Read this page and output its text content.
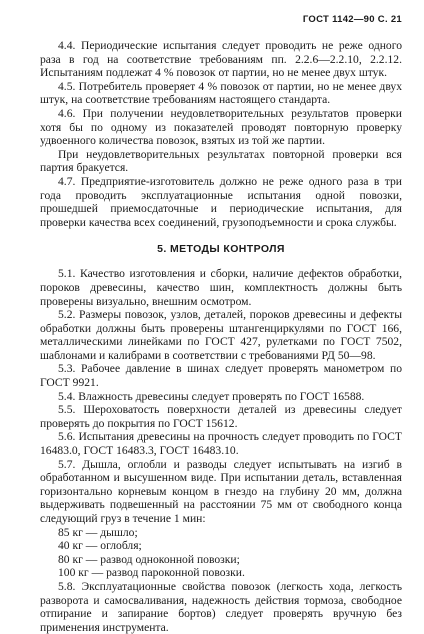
ГОСТ 1142—90 С. 21

4.4. Периодические испытания следует проводить не реже одного раза в год на соответствие требованиям пп. 2.2.6—2.2.10, 2.2.12. Испытаниям подлежат 4 % повозок от партии, но не менее двух штук.

4.5. Потребитель проверяет 4 % повозок от партии, но не менее двух штук, на соответствие требованиям настоящего стандарта.

4.6. При получении неудовлетворительных результатов проверки хотя бы по одному из показателей проводят повторную проверку удвоенного количества повозок, взятых из той же партии.

При неудовлетворительных результатах повторной проверки вся партия бракуется.

4.7. Предприятие-изготовитель должно не реже одного раза в три года проводить эксплуатационные испытания одной повозки, прошедшей приемосдаточные и периодические испытания, для проверки качества всех соединений, грузоподъемности и срока службы.

5. МЕТОДЫ КОНТРОЛЯ

5.1. Качество изготовления и сборки, наличие дефектов обработки, пороков древесины, качество шин, комплектность должны быть проверены визуально, внешним осмотром.

5.2. Размеры повозок, узлов, деталей, пороков древесины и дефекты обработки должны быть проверены штангенциркулями по ГОСТ 166, металлическими линейками по ГОСТ 427, рулетками по ГОСТ 7502, шаблонами и калибрами в соответствии с требованиями РД 50—98.

5.3. Рабочее давление в шинах следует проверять манометром по ГОСТ 9921.

5.4. Влажность древесины следует проверять по ГОСТ 16588.

5.5. Шероховатость поверхности деталей из древесины следует проверять до покрытия по ГОСТ 15612.

5.6. Испытания древесины на прочность следует проводить по ГОСТ 16483.0, ГОСТ 16483.3, ГОСТ 16483.10.

5.7. Дышла, оглобли и разводы следует испытывать на изгиб в обработанном и высушенном виде. При испытании деталь, вставленная горизонтально корневым концом в гнездо на глубину 20 мм, должна выдерживать подвешенный на расстоянии 75 мм от свободного конца следующий груз в течение 1 мин:

85 кг — дышло;
40 кг — оглобля;
80 кг — развод одноконной повозки;
100 кг — развод пароконной повозки.

5.8. Эксплуатационные свойства повозок (легкость хода, легкость разворота и самосваливания, надежность действия тормоза, свободное отпирание и запирание бортов) следует проверять вручную без применения инструмента.
